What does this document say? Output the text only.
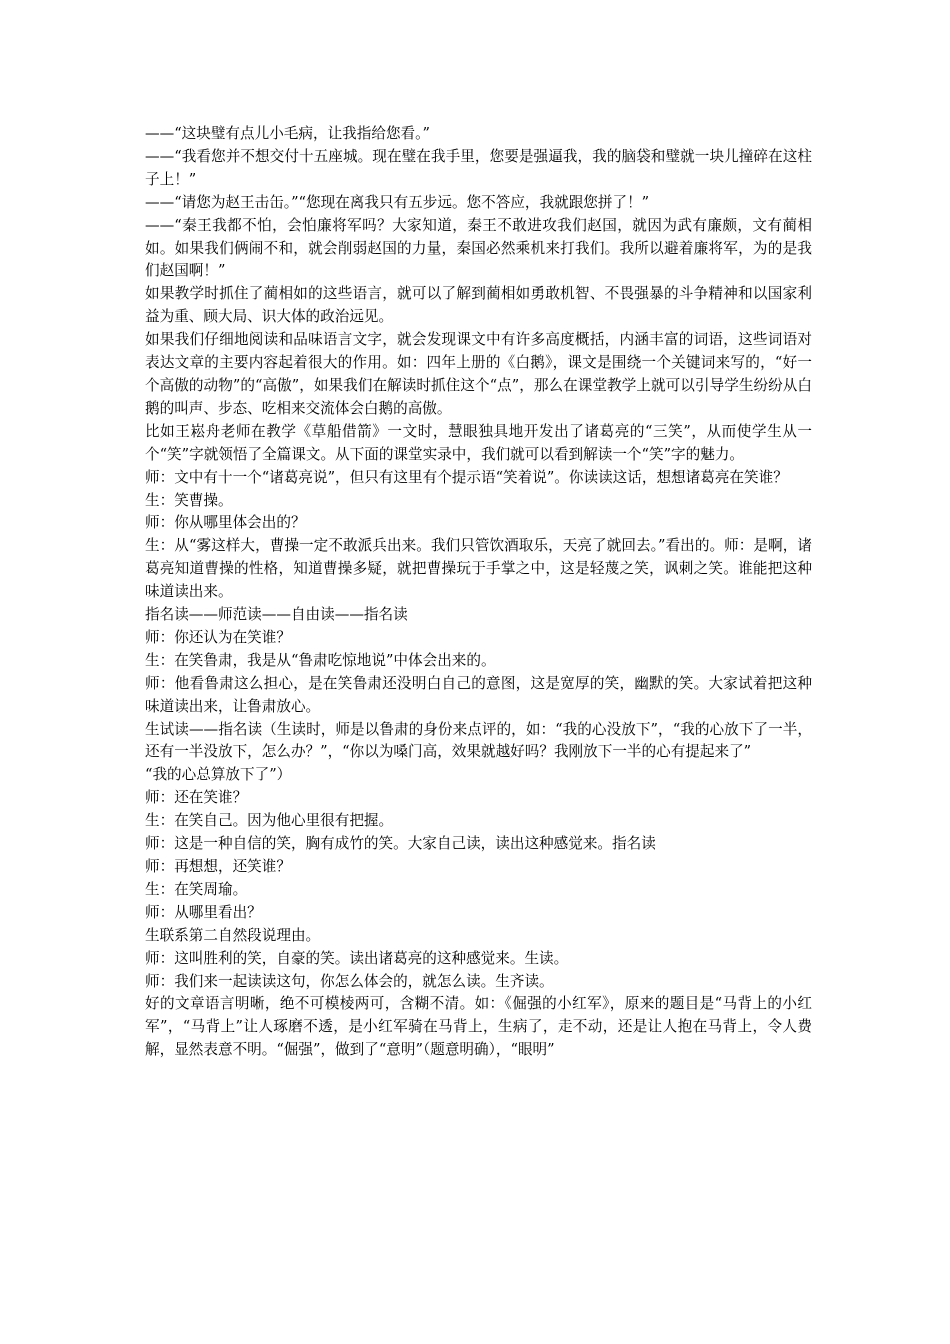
——“这块璧有点儿小毛病，让我指给您看。”

——“我看您并不想交付十五座城。现在璧在我手里，您要是强逼我，我的脑袋和璧就一块儿撞碎在这柱子上！”

——“请您为赵王击缶。”“您现在离我只有五步远。您不答应，我就跟您拼了！”

——“秦王我都不怕，会怕廉将军吗？大家知道，秦王不敢进攻我们赵国，就因为武有廉颇，文有蔺相如。如果我们俩闹不和，就会削弱赵国的力量，秦国必然乘机来打我们。我所以避着廉将军，为的是我们赵国啊！”

如果教学时抓住了蔺相如的这些语言，就可以了解到蔺相如勇敢机智、不畏强暴的斗争精神和以国家利益为重、顾大局、识大体的政治远见。

如果我们仔细地阅读和品味语言文字，就会发现课文中有许多高度概括，内涵丰富的词语，这些词语对表达文章的主要内容起着很大的作用。如：四年上册的《白鹅》，课文是围绕一个关键词来写的，“好一个高傲的动物”的“高傲”，如果我们在解读时抓住这个“点”，那么在课堂教学上就可以引导学生纷纷从白鹅的叫声、步态、吃相来交流体会白鹅的高傲。

比如王崧舟老师在教学《草船借箭》一文时，慧眼独具地开发出了诸葛亮的“三笑”，从而使学生从一个“笑”字就领悟了全篇课文。从下面的课堂实录中，我们就可以看到解读一个“笑”字的魅力。

师：文中有十一个“诸葛亮说”，但只有这里有个提示语“笑着说”。你读读这话，想想诸葛亮在笑谁？

生：笑曹操。

师：你从哪里体会出的？

生：从“雾这样大，曹操一定不敢派兵出来。我们只管饮酒取乐，天亮了就回去。”看出的。师：是啊，诸葛亮知道曹操的性格，知道曹操多疑，就把曹操玩于手掌之中，这是轻蔑之笑，讽刺之笑。谁能把这种味道读出来。

指名读——师范读——自由读——指名读

师：你还认为在笑谁？

生：在笑鲁肃，我是从“鲁肃吃惊地说”中体会出来的。

师：他看鲁肃这么担心，是在笑鲁肃还没明白自己的意图，这是宽厚的笑，幽默的笑。大家试着把这种味道读出来，让鲁肃放心。

生试读——指名读（生读时，师是以鲁肃的身份来点评的，如：“我的心没放下”，“我的心放下了一半，还有一半没放下，怎么办？”，“你以为嗓门高，效果就越好吗？我刚放下一半的心有提起来了”

“我的心总算放下了”）

师：还在笑谁？

生：在笑自己。因为他心里很有把握。

师：这是一种自信的笑，胸有成竹的笑。大家自己读，读出这种感觉来。指名读

师：再想想，还笑谁？

生：在笑周瑜。

师：从哪里看出？

生联系第二自然段说理由。

师：这叫胜利的笑，自豪的笑。读出诸葛亮的这种感觉来。生读。

师：我们来一起读读这句，你怎么体会的，就怎么读。生齐读。

好的文章语言明晰，绝不可模棱两可，含糊不清。如：《倔强的小红军》，原来的题目是“马背上的小红军”，“马背上”让人琢磨不透，是小红军骑在马背上，生病了，走不动，还是让人抱在马背上，令人费解，显然表意不明。“倔强”，做到了“意明”（题意明确），“眼明”
